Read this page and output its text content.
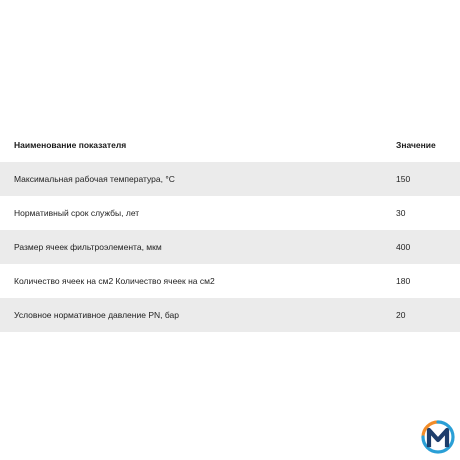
Наименование показателя	Значение
Максимальная рабочая температура, °С	150
Нормативный срок службы, лет	30
Размер ячеек фильтроэлемента, мкм	400
Количество ячеек на см2 Количество ячеек на см2	180
Условное нормативное давление PN, бар	20
